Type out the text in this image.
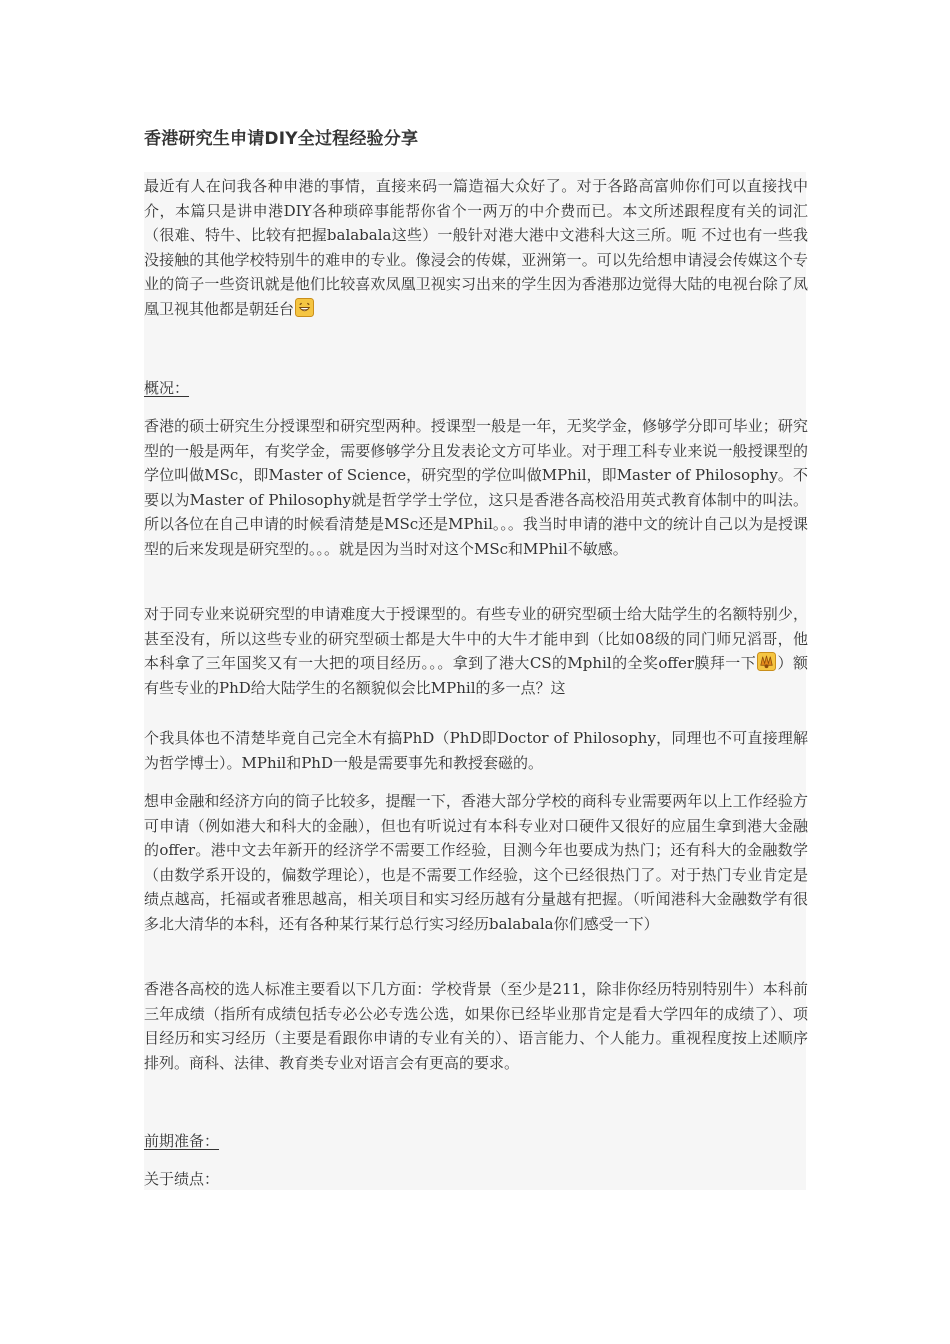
香港研究生申请DIY全过程经验分享
最近有人在问我各种申港的事情，直接来码一篇造福大众好了。对于各路高富帅你们可以直接找中介，本篇只是讲申港DIY各种琐碎事能帮你省个一两万的中介费而已。本文所述跟程度有关的词汇（很难、特牛、比较有把握balabala这些）一般针对港大港中文港科大这三所。呃 不过也有一些我没接触的其他学校特别牛的难申的专业。像浸会的传媒，亚洲第一。可以先给想申请浸会传媒这个专业的筒子一些资讯就是他们比较喜欢凤凰卫视实习出来的学生因为香港那边觉得大陆的电视台除了凤凰卫视其他都是朝廷台
概况：
香港的硕士研究生分授课型和研究型两种。授课型一般是一年，无奖学金，修够学分即可毕业；研究型的一般是两年，有奖学金，需要修够学分且发表论文方可毕业。对于理工科专业来说一般授课型的学位叫做MSc，即Master of Science，研究型的学位叫做MPhil，即Master of Philosophy。不要以为Master of Philosophy就是哲学学士学位，这只是香港各高校沿用英式教育体制中的叫法。所以各位在自己申请的时候看清楚是MSc还是MPhil。。。我当时申请的港中文的统计自己以为是授课型的后来发现是研究型的。。。就是因为当时对这个MSc和MPhil不敏感。
对于同专业来说研究型的申请难度大于授课型的。有些专业的研究型硕士给大陆学生的名额特别少，甚至没有，所以这些专业的研究型硕士都是大牛中的大牛才能申到（比如08级的同门师兄滔哥，他本科拿了三年国奖又有一大把的项目经历。。。拿到了港大CS的Mphil的全奖offer膜拜一下 ）额 有些专业的PhD给大陆学生的名额貌似会比MPhil的多一点？这
个我具体也不清楚毕竟自己完全木有搞PhD（PhD即Doctor of Philosophy，同理也不可直接理解为哲学博士）。MPhil和PhD一般是需要事先和教授套磁的。
想申金融和经济方向的筒子比较多，提醒一下，香港大部分学校的商科专业需要两年以上工作经验方可申请（例如港大和科大的金融），但也有听说过有本科专业对口硬件又很好的应届生拿到港大金融的offer。港中文去年新开的经济学不需要工作经验，目测今年也要成为热门；还有科大的金融数学（由数学系开设的，偏数学理论），也是不需要工作经验，这个已经很热门了。对于热门专业肯定是绩点越高，托福或者雅思越高，相关项目和实习经历越有分量越有把握。（听闻港科大金融数学有很多北大清华的本科，还有各种某行某行总行实习经历balabala你们感受一下）
香港各高校的选人标准主要看以下几方面：学校背景（至少是211，除非你经历特别特别牛）本科前三年成绩（指所有成绩包括专必公必专选公选，如果你已经毕业那肯定是看大学四年的成绩了）、项目经历和实习经历（主要是看跟你申请的专业有关的）、语言能力、个人能力。重视程度按上述顺序排列。商科、法律、教育类专业对语言会有更高的要求。
前期准备：
关于绩点：
